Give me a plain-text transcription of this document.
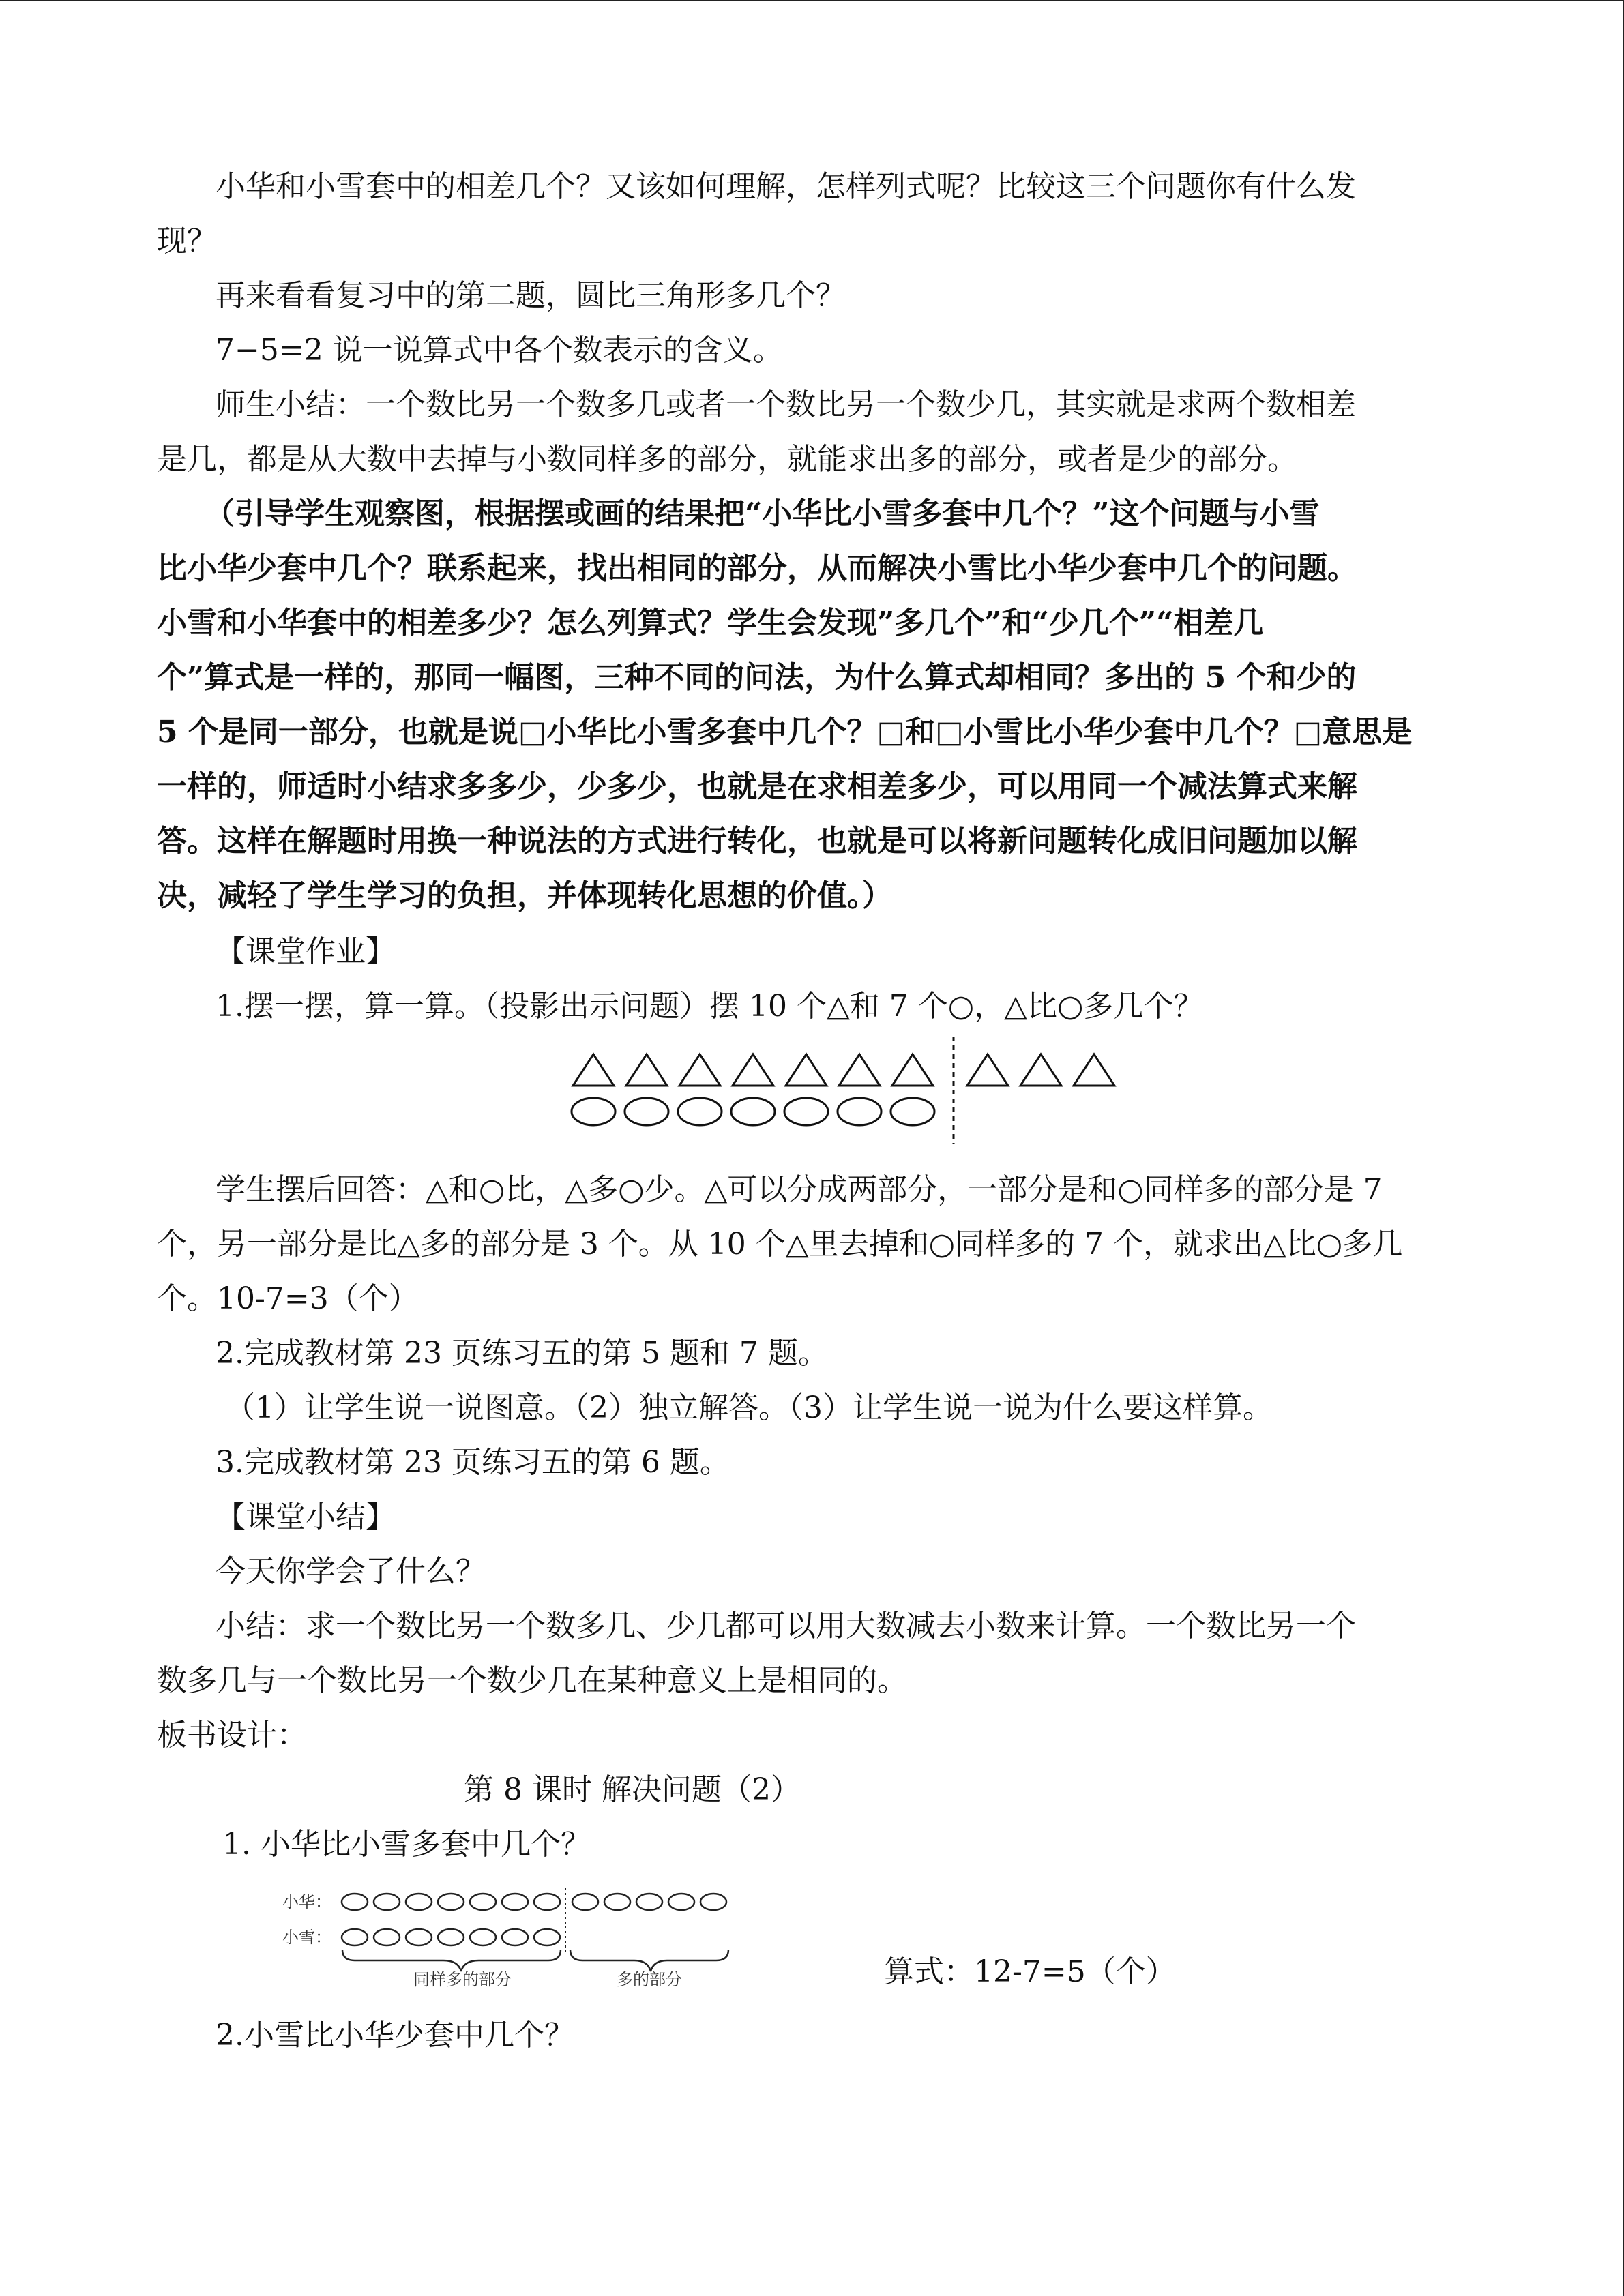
小华和小雪套中的相差几个？又该如何理解，怎样列式呢？比较这三个问题你有什么发
现？
再来看看复习中的第二题，圆比三角形多几个？
7−5=2 说一说算式中各个数表示的含义。
师生小结：一个数比另一个数多几或者一个数比另一个数少几，其实就是求两个数相差
是几，都是从大数中去掉与小数同样多的部分，就能求出多的部分，或者是少的部分。
（引导学生观察图，根据摆或画的结果把“小华比小雪多套中几个？”这个问题与小雪
比小华少套中几个？联系起来，找出相同的部分，从而解决小雪比小华少套中几个的问题。
小雪和小华套中的相差多少？怎么列算式？学生会发现”多几个”和“少几个”“相差几
个”算式是一样的，那同一幅图，三种不同的问法，为什么算式却相同？多出的 5 个和少的
5 个是同一部分，也就是说□小华比小雪多套中几个？□和□小雪比小华少套中几个？□意思是
一样的，师适时小结求多多少，少多少，也就是在求相差多少，可以用同一个减法算式来解
答。这样在解题时用换一种说法的方式进行转化，也就是可以将新问题转化成旧问题加以解
决，减轻了学生学习的负担，并体现转化思想的价值。）
【课堂作业】
1.摆一摆，算一算。（投影出示问题）摆 10 个△和 7 个○，△比○多几个？
学生摆后回答：△和○比，△多○少。△可以分成两部分，一部分是和○同样多的部分是 7
个，另一部分是比△多的部分是 3 个。从 10 个△里去掉和○同样多的 7 个，就求出△比○多几
个。10-7=3（个）
2.完成教材第 23 页练习五的第 5 题和 7 题。
（1）让学生说一说图意。（2）独立解答。（3）让学生说一说为什么要这样算。
3.完成教材第 23 页练习五的第 6 题。
【课堂小结】
今天你学会了什么？
小结：求一个数比另一个数多几、少几都可以用大数减去小数来计算。一个数比另一个
数多几与一个数比另一个数少几在某种意义上是相同的。
板书设计：
第 8 课时 解决问题（2）
1. 小华比小雪多套中几个？
小华：
小雪：
同样多的部分	多的部分	算式：12-7=5（个）
2.小雪比小华少套中几个？
